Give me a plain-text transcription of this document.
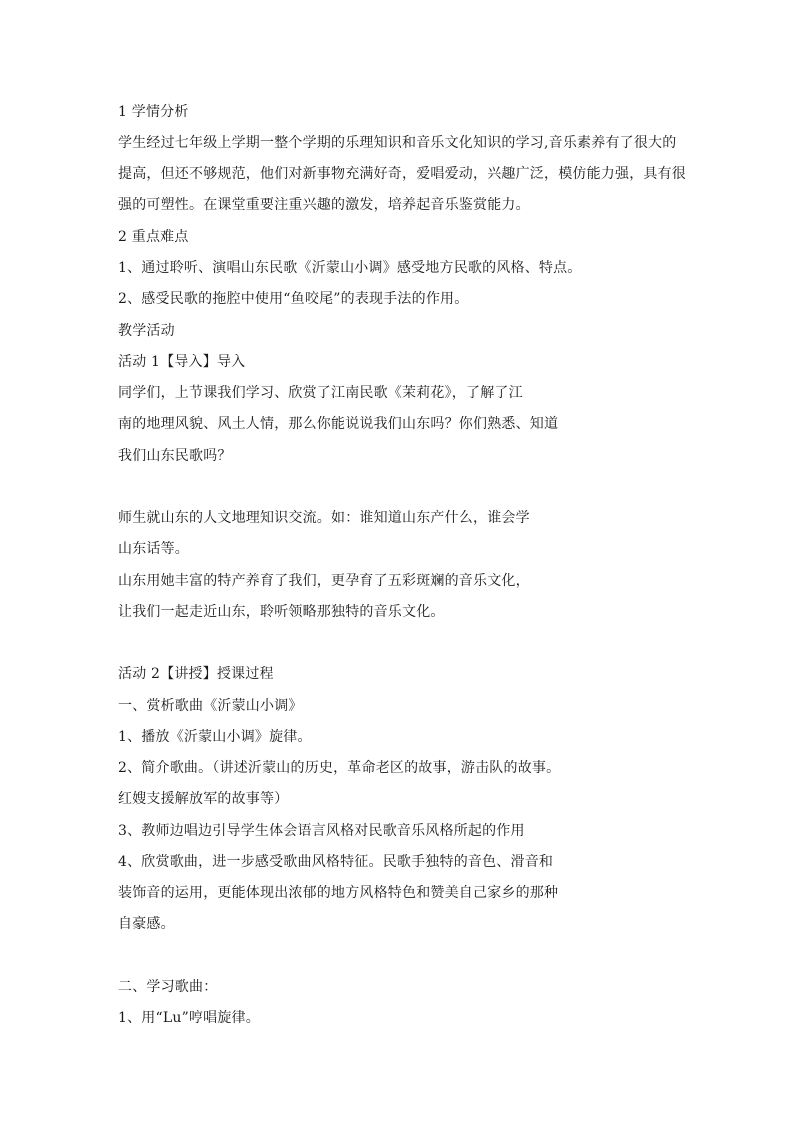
1 学情分析
学生经过七年级上学期一整个学期的乐理知识和音乐文化知识的学习,音乐素养有了很大的
提高，但还不够规范，他们对新事物充满好奇，爱唱爱动，兴趣广泛，模仿能力强，具有很
强的可塑性。在课堂重要注重兴趣的激发，培养起音乐鉴赏能力。
2 重点难点
1、通过聆听、演唱山东民歌《沂蒙山小调》感受地方民歌的风格、特点。
2、感受民歌的拖腔中使用“鱼咬尾”的表现手法的作用。
教学活动
活动 1【导入】导入
同学们，上节课我们学习、欣赏了江南民歌《茉莉花》，了解了江
南的地理风貌、风土人情，那么你能说说我们山东吗？你们熟悉、知道
我们山东民歌吗？
师生就山东的人文地理知识交流。如：谁知道山东产什么，谁会学
山东话等。
山东用她丰富的特产养育了我们，更孕育了五彩斑斓的音乐文化，
让我们一起走近山东，聆听领略那独特的音乐文化。
活动 2【讲授】授课过程
一、赏析歌曲《沂蒙山小调》
1、播放《沂蒙山小调》旋律。
2、简介歌曲。（讲述沂蒙山的历史，革命老区的故事，游击队的故事。
红嫂支援解放军的故事等）
3、教师边唱边引导学生体会语言风格对民歌音乐风格所起的作用
4、欣赏歌曲，进一步感受歌曲风格特征。民歌手独特的音色、滑音和
装饰音的运用，更能体现出浓郁的地方风格特色和赞美自己家乡的那种
自豪感。
二、学习歌曲：
1、用“Lu”哼唱旋律。
